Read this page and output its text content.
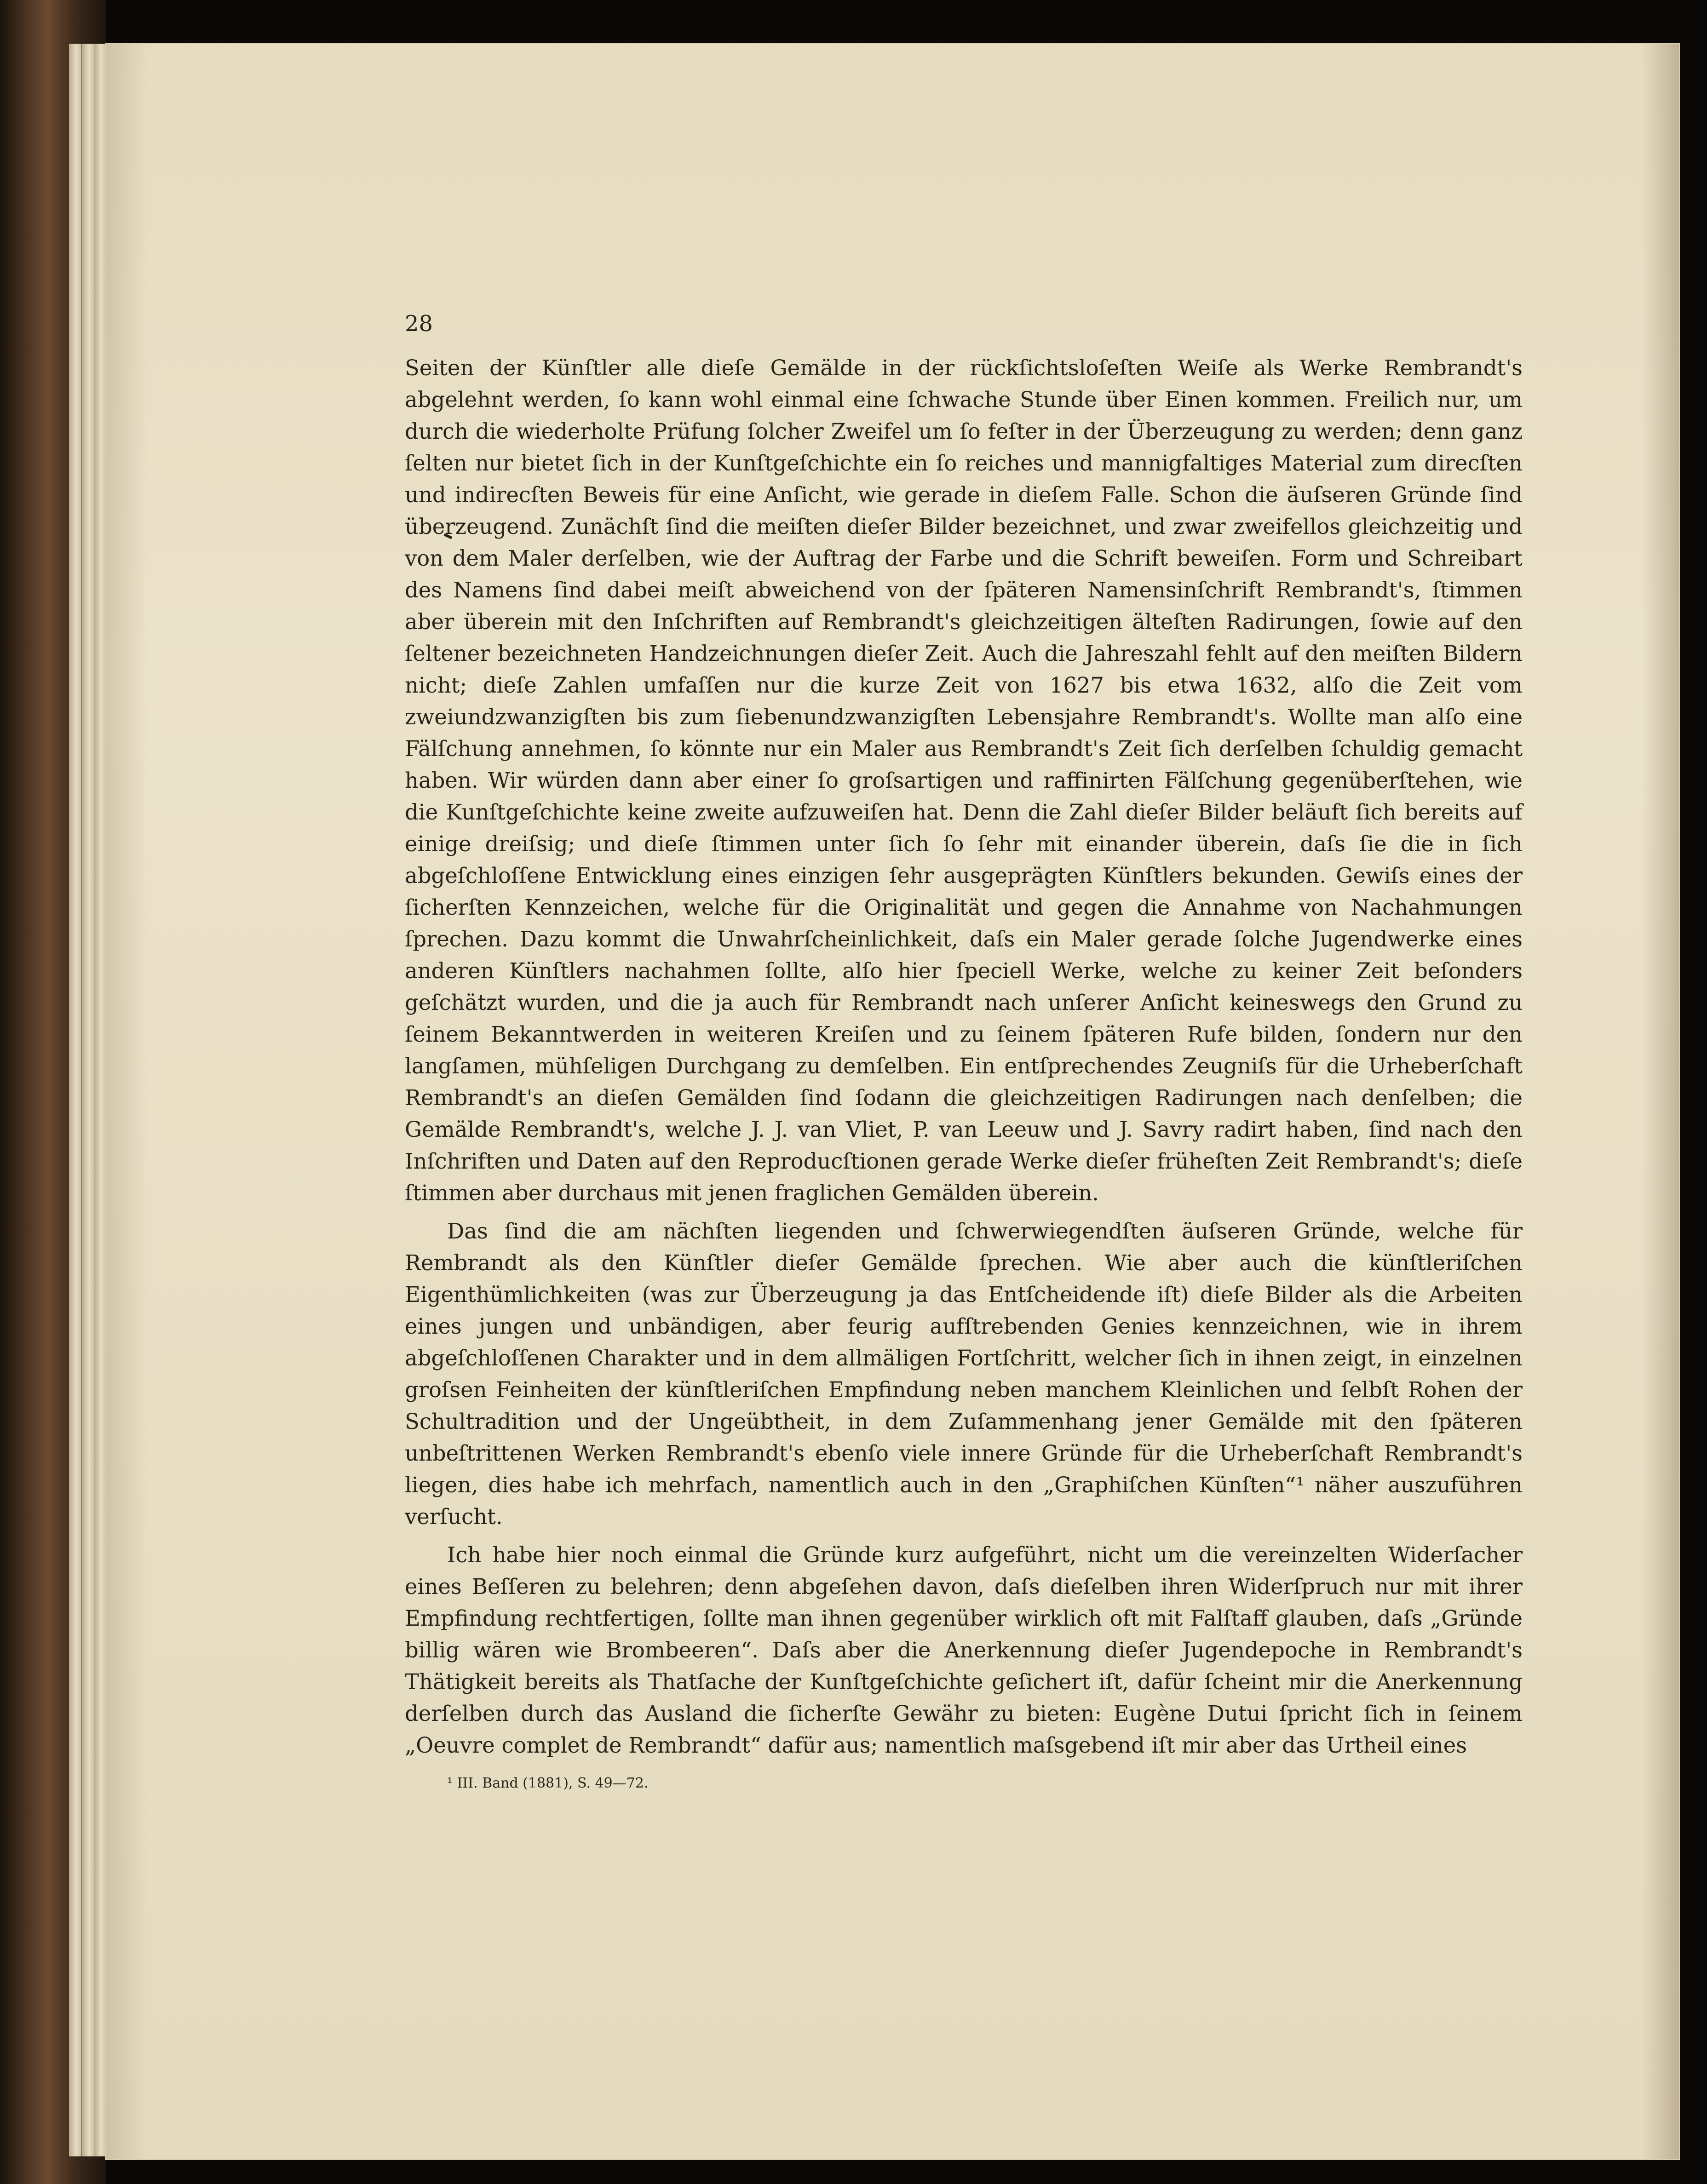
28

Seiten der Künſtler alle dieſe Gemälde in der rückſichtsloſeſten Weiſe als Werke Rembrandt's abgelehnt werden, ſo kann wohl einmal eine ſchwache Stunde über Einen kommen. Freilich nur, um durch die wiederholte Prüfung ſolcher Zweifel um ſo feſter in der Überzeugung zu werden; denn ganz ſelten nur bietet ſich in der Kunſtgeſchichte ein ſo reiches und mannigfaltiges Material zum direcſten und indirecſten Beweis für eine Anſicht, wie gerade in dieſem Falle. Schon die äuſseren Gründe ſind überzeugend. Zunächſt ſind die meiſten dieſer Bilder bezeichnet, und zwar zweifellos gleichzeitig und von dem Maler derſelben, wie der Auftrag der Farbe und die Schrift beweiſen. Form und Schreibart des Namens ſind dabei meiſt abweichend von der ſpäteren Namensinſchrift Rembrandt's, ſtimmen aber überein mit den Inſchriften auf Rembrandt's gleichzeitigen älteſten Radirungen, ſowie auf den ſeltener bezeichneten Handzeichnungen dieſer Zeit. Auch die Jahreszahl fehlt auf den meiſten Bildern nicht; dieſe Zahlen umfaſſen nur die kurze Zeit von 1627 bis etwa 1632, alſo die Zeit vom zweiundzwanzigſten bis zum ſiebenundzwanzigſten Lebensjahre Rembrandt's. Wollte man alſo eine Fälſchung annehmen, ſo könnte nur ein Maler aus Rembrandt's Zeit ſich derſelben ſchuldig gemacht haben. Wir würden dann aber einer ſo groſsartigen und raffinirten Fälſchung gegenüberſtehen, wie die Kunſtgeſchichte keine zweite aufzuweiſen hat. Denn die Zahl dieſer Bilder beläuft ſich bereits auf einige dreiſsig; und dieſe ſtimmen unter ſich ſo ſehr mit einander überein, daſs ſie die in ſich abgeſchloſſene Entwicklung eines einzigen ſehr ausgeprägten Künſtlers bekunden. Gewiſs eines der ſicherſten Kennzeichen, welche für die Originalität und gegen die Annahme von Nachahmungen ſprechen. Dazu kommt die Unwahrſcheinlichkeit, daſs ein Maler gerade ſolche Jugendwerke eines anderen Künſtlers nachahmen ſollte, alſo hier ſpeciell Werke, welche zu keiner Zeit beſonders geſchätzt wurden, und die ja auch für Rembrandt nach unſerer Anſicht keineswegs den Grund zu ſeinem Bekanntwerden in weiteren Kreiſen und zu ſeinem ſpäteren Rufe bilden, ſondern nur den langſamen, mühſeligen Durchgang zu demſelben. Ein entſprechendes Zeugniſs für die Urheberſchaft Rembrandt's an dieſen Gemälden ſind ſodann die gleichzeitigen Radirungen nach denſelben; die Gemälde Rembrandt's, welche J. J. van Vliet, P. van Leeuw und J. Savry radirt haben, ſind nach den Inſchriften und Daten auf den Reproducſtionen gerade Werke dieſer früheſten Zeit Rembrandt's; dieſe ſtimmen aber durchaus mit jenen fraglichen Gemälden überein.

Das ſind die am nächſten liegenden und ſchwerwiegendſten äuſseren Gründe, welche für Rembrandt als den Künſtler dieſer Gemälde ſprechen. Wie aber auch die künſtleriſchen Eigenthümlichkeiten (was zur Überzeugung ja das Entſcheidende iſt) dieſe Bilder als die Arbeiten eines jungen und unbändigen, aber feurig aufſtrebenden Genies kennzeichnen, wie in ihrem abgeſchloſſenen Charakter und in dem allmäligen Fortſchritt, welcher ſich in ihnen zeigt, in einzelnen groſsen Feinheiten der künſtleriſchen Empfindung neben manchem Kleinlichen und ſelbſt Rohen der Schultradition und der Ungeübtheit, in dem Zuſammenhang jener Gemälde mit den ſpäteren unbeſtrittenen Werken Rembrandt's ebenſo viele innere Gründe für die Urheberſchaft Rembrandt's liegen, dies habe ich mehrfach, namentlich auch in den „Graphiſchen Künſten“¹ näher auszuführen verſucht.

Ich habe hier noch einmal die Gründe kurz aufgeführt, nicht um die vereinzelten Widerſacher eines Beſſeren zu belehren; denn abgeſehen davon, daſs dieſelben ihren Widerſpruch nur mit ihrer Empfindung rechtfertigen, ſollte man ihnen gegenüber wirklich oft mit Falſtaff glauben, daſs „Gründe billig wären wie Brombeeren“. Daſs aber die Anerkennung dieſer Jugendepoche in Rembrandt's Thätigkeit bereits als Thatſache der Kunſtgeſchichte geſichert iſt, dafür ſcheint mir die Anerkennung derſelben durch das Ausland die ſicherſte Gewähr zu bieten: Eugène Dutui ſpricht ſich in ſeinem „Oeuvre complet de Rembrandt“ dafür aus; namentlich maſsgebend iſt mir aber das Urtheil eines

¹ III. Band (1881), S. 49—72.
